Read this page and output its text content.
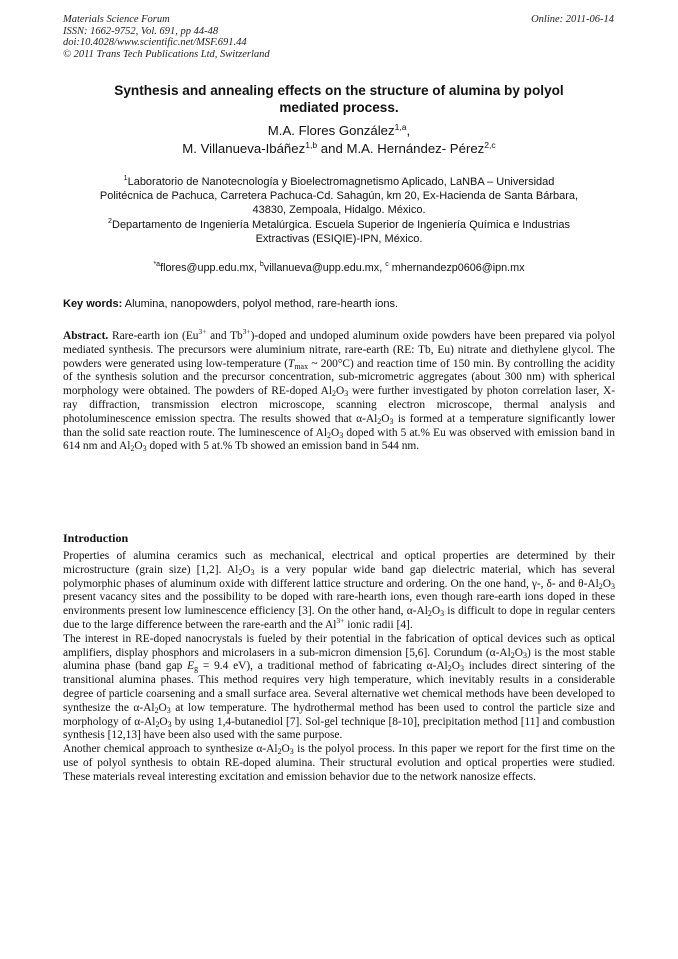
Materials Science Forum
ISSN: 1662-9752, Vol. 691, pp 44-48
doi:10.4028/www.scientific.net/MSF.691.44
© 2011 Trans Tech Publications Ltd, Switzerland
Online: 2011-06-14
Synthesis and annealing effects on the structure of alumina by polyol
mediated process.
M.A. Flores González$^{1,a}$,
M. Villanueva-Ibáñez$^{1,b}$ and M.A. Hernández- Pérez$^{2,c}$
$^1$Laboratorio de Nanotecnología y Bioelectromagnetismo Aplicado, LaNBA – Universidad
Politécnica de Pachuca, Carretera Pachuca-Cd. Sahagún, km 20, Ex-Hacienda de Santa Bárbara,
43830, Zempoala, Hidalgo. México.
$^2$Departamento de Ingeniería Metalúrgica. Escuela Superior de Ingeniería Química e Industrias
Extractivas (ESIQIE)-IPN, México.
$^{*a}$flores@upp.edu.mx, $^b$villanueva@upp.edu.mx, $^c$ mhernandezp0606@ipn.mx
Key words: Alumina, nanopowders, polyol method, rare-hearth ions.
Abstract. Rare-earth ion ($Eu^{3+}$ and $Tb^{3+}$)-doped and undoped aluminum oxide powders have been prepared via polyol mediated synthesis. The precursors were aluminium nitrate, rare-earth (RE: Tb, Eu) nitrate and diethylene glycol. The powders were generated using low-temperature ($T_{max}$ ~ 200°C) and reaction time of 150 min. By controlling the acidity of the synthesis solution and the precursor concentration, sub-micrometric aggregates (about 300 nm) with spherical morphology were obtained. The powders of RE-doped $Al_2O_3$ were further investigated by photon correlation laser, X-ray diffraction, transmission electron microscope, scanning electron microscope, thermal analysis and photoluminescence emission spectra. The results showed that $\alpha-Al_2O_3$ is formed at a temperature significantly lower than the solid sate reaction route. The luminescence of $Al_2O_3$ doped with 5 at.% Eu was observed with emission band in 614 nm and $Al_2O_3$ doped with 5 at.% Tb showed an emission band in 544 nm.
Introduction

Properties of alumina ceramics such as mechanical, electrical and optical properties are determined by their microstructure (grain size) [1,2]. $Al_2O_3$ is a very popular wide band gap dielectric material, which has several polymorphic phases of aluminum oxide with different lattice structure and ordering. On the one hand, γ-, δ- and $\theta-Al_2O_3$ present vacancy sites and the possibility to be doped with rare-hearth ions, even though rare-earth ions doped in these environments present low luminescence efficiency [3]. On the other hand, $\alpha-Al_2O_3$ is difficult to dope in regular centers due to the large difference between the rare-earth and the $Al^{3+}$ ionic radii [4].

The interest in RE-doped nanocrystals is fueled by their potential in the fabrication of optical devices such as optical amplifiers, display phosphors and microlasers in a sub-micron dimension [5,6]. Corundum $(\alpha-Al_2O_3)$ is the most stable alumina phase (band gap $E_g = 9.4$ eV), a traditional method of fabricating $\alpha-Al_2O_3$ includes direct sintering of the transitional alumina phases. This method requires very high temperature, which inevitably results in a considerable degree of particle coarsening and a small surface area. Several alternative wet chemical methods have been developed to synthesize the $\alpha-Al_2O_3$ at low temperature. The hydrothermal method has been used to control the particle size and morphology of $\alpha-Al_2O_3$ by using 1,4-butanediol [7]. Sol-gel technique [8-10], precipitation method [11] and combustion synthesis [12,13] have been also used with the same purpose.

Another chemical approach to synthesize $\alpha-Al_2O_3$ is the polyol process. In this paper we report for the first time on the use of polyol synthesis to obtain RE-doped alumina. Their structural evolution and optical properties were studied. These materials reveal interesting excitation and emission behavior due to the network nanosize effects.
